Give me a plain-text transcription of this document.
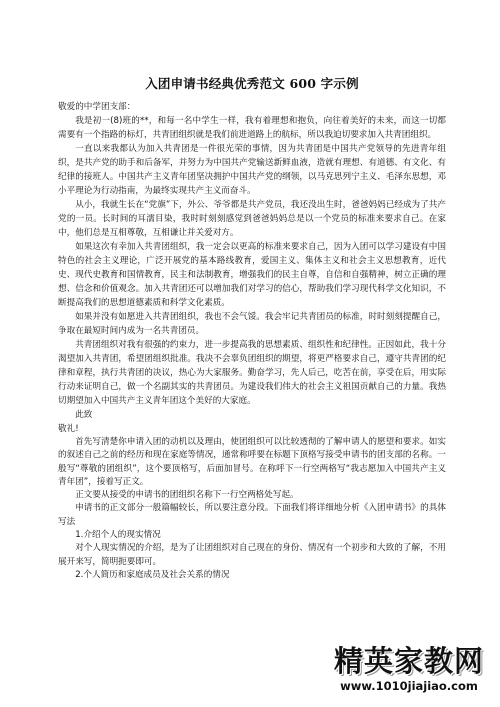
入团申请书经典优秀范文 600 字示例

敬爱的中学团支部：

我是初一(8)班的**，和每一名中学生一样，我有着理想和抱负，向往着美好的未来，而这一切都需要有一个指路的标灯，共青团组织就是我们前进道路上的航标，所以我迫切要求加入共青团组织。

一直以来我都认为加入共青团是一件很光荣的事情，因为共青团是中国共产党领导的先进青年组织，是共产党的助手和后备军，并努力为中国共产党输送新鲜血液，造就有理想、有道德、有文化、有纪律的接班人。中国共产主义青年团坚决拥护中国共产党的纲领，以马克思列宁主义、毛泽东思想，邓小平理论为行动指南，为最终实现共产主义而奋斗。

从小，我就生长在“党旗”下，外公、爷爷都是共产党员，我还没出生时，爸爸妈妈已经成为了共产党的一员。长时间的耳濡目染，我时时刻刻感觉到爸爸妈妈总是以一个党员的标准来要求自己。在家中，他们总是互相尊敬，互相谦让并关爱对方。

如果这次有幸加入共青团组织，我一定会以更高的标准来要求自己，因为入团可以学习建设有中国特色的社会主义理论，广泛开展党的基本路线教育，爱国主义、集体主义和社会主义思想教育，近代史、现代史教育和国情教育，民主和法制教育，增强我们的民主自尊，自信和自强精神，树立正确的理想、信念和价值观念。加入共青团还可以增加我们对学习的信心，帮助我们学习现代科学文化知识，不断提高我们的思想道德素质和科学文化素质。

如果并没有如愿进入共青团组织，我也不会气馁。我会牢记共青团员的标准，时时刻刻提醒自己，争取在最短时间内成为一名共青团员。

共青团组织对我有很强的约束力，进一步提高我的思想素质、组织性和纪律性。正因如此，我十分渴望加入共青团，希望团组织批准。我决不会辜负团组织的期望，将更严格要求自己，遵守共青团的纪律和章程，执行共青团的决议，热心为大家服务。勤奋学习，先人后己，吃苦在前，享受在后，用实际行动来证明自己，做一个名副其实的共青团员。为建设我们伟大的社会主义祖国贡献自己的力量。我热切期望加入中国共产主义青年团这个美好的大家庭。

此致

敬礼!

首先写清楚你申请入团的动机以及理由，使团组织可以比较透彻的了解申请人的愿望和要求。如实的叙述自己之前的经历和现在家庭等情况，通常称呼要在标题下顶格写接受申请书的团支部的名称。一般写“尊敬的团组织”，这个要顶格写，后面加冒号。在称呼下一行空两格写“我志愿加入中国共产主义青年团”，接着写正文。

正文要从接受的申请书的团组织名称下一行空两格处写起。

申请书的正文部分一般篇幅较长，所以要注意分段。下面我们将详细地分析《入团申请书》的具体写法

1.介绍个人的现实情况

对个人现实情况的介绍，是为了让团组织对自己现在的身份、情况有一个初步和大致的了解，不用展开来写，简明扼要即可。

2.个人简历和家庭成员及社会关系的情况

精英家教网
www.1010jiajiao.com
